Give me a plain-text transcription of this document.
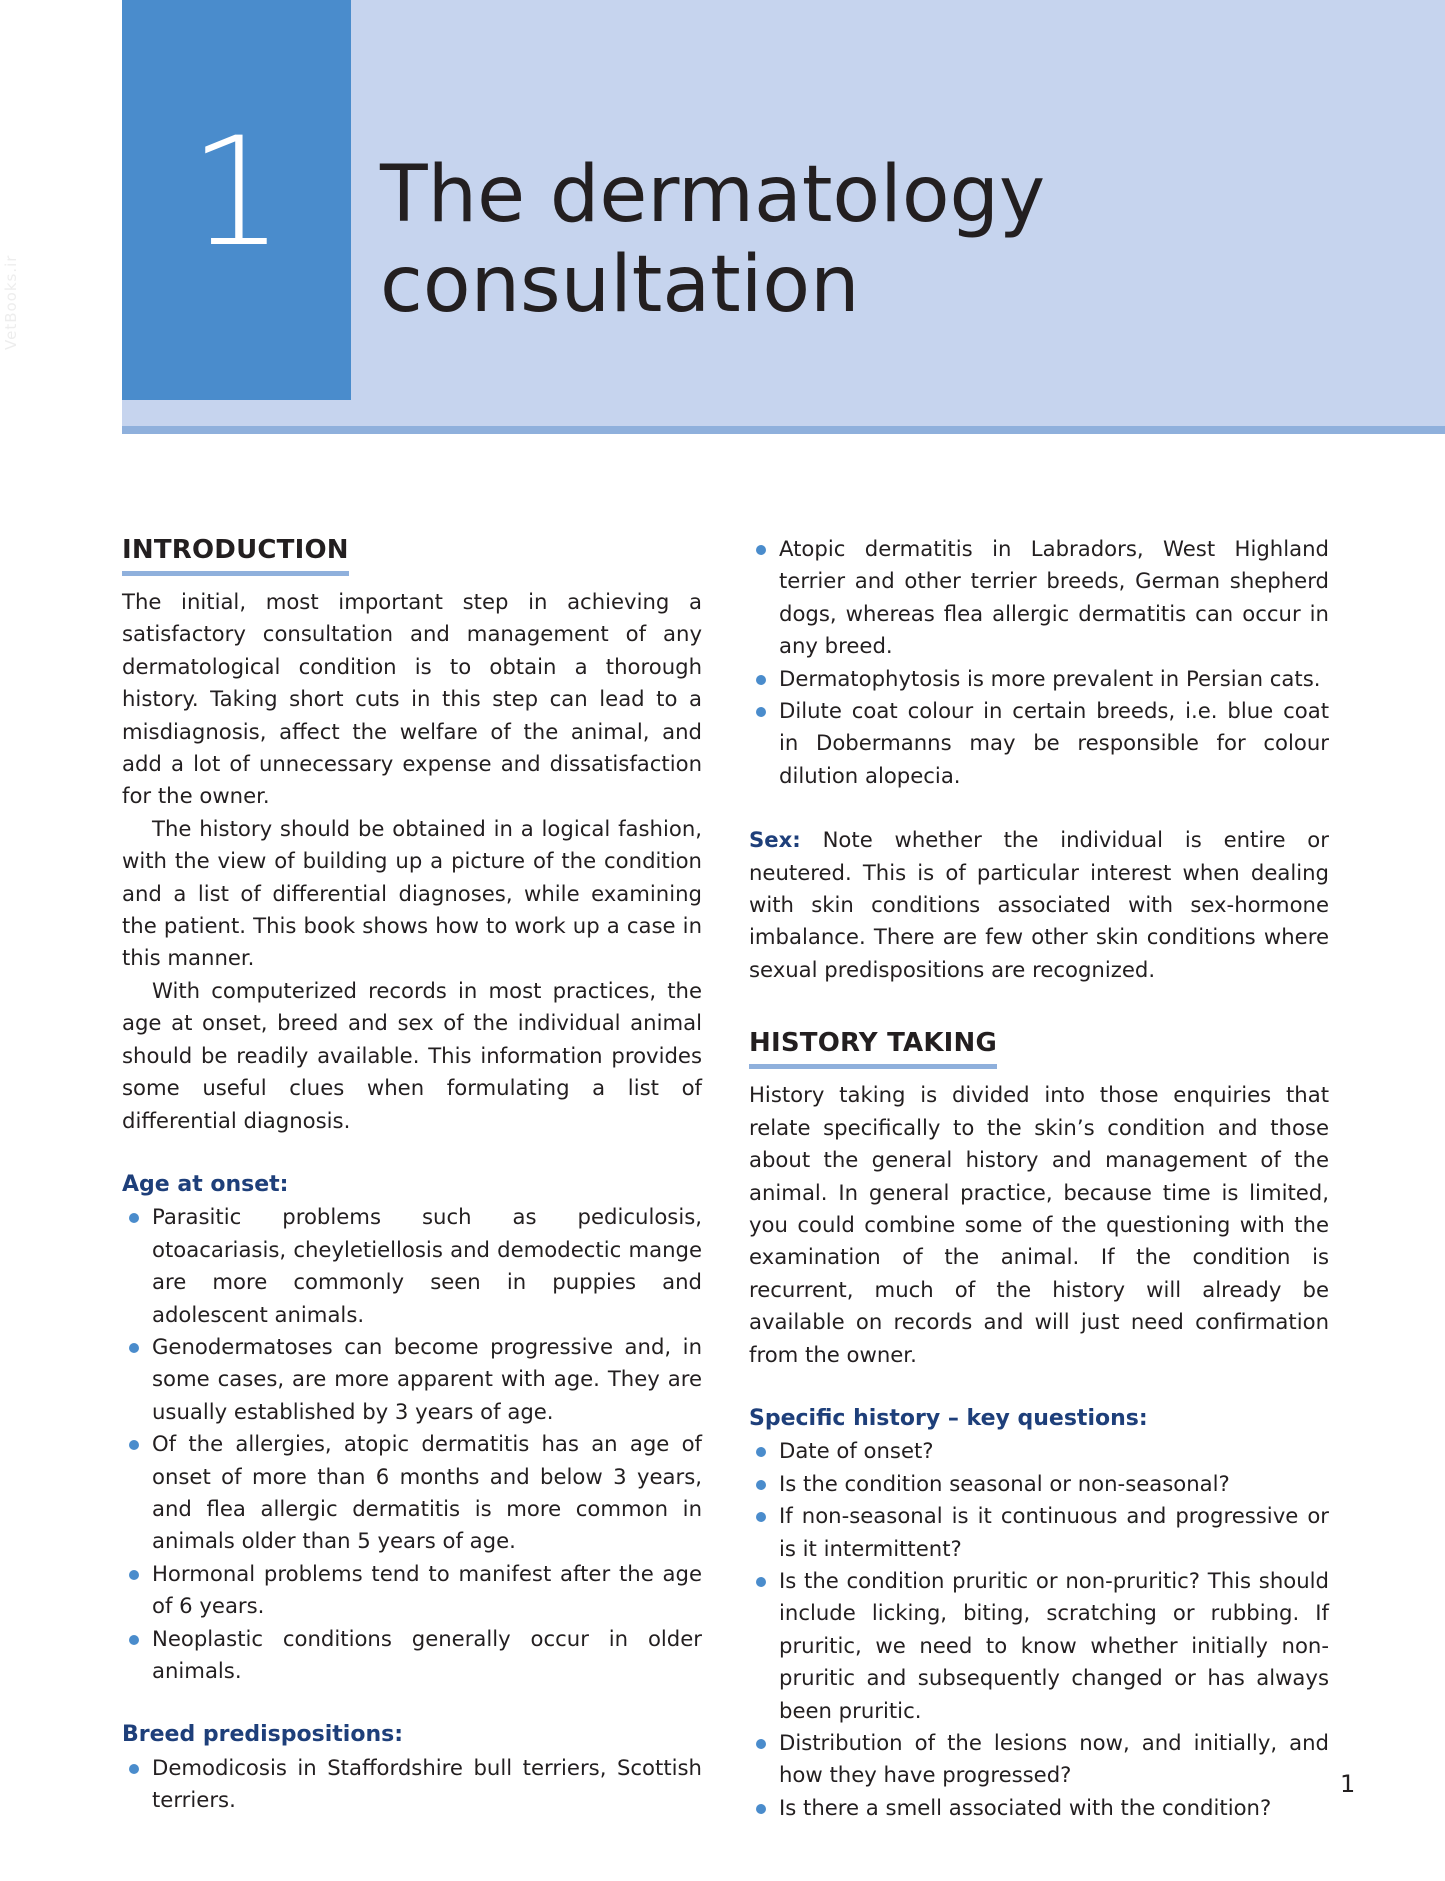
VetBooks.ir
1	The dermatology
consultation
INTRODUCTION

The initial, most important step in achieving a satisfactory consultation and management of any dermatological condition is to obtain a thorough history. Taking short cuts in this step can lead to a misdiagnosis, affect the welfare of the animal, and add a lot of unnecessary expense and dissatisfaction for the owner.

The history should be obtained in a logical fashion, with the view of building up a picture of the condition and a list of differential diagnoses, while examining the patient. This book shows how to work up a case in this manner.

With computerized records in most practices, the age at onset, breed and sex of the individual animal should be readily available. This information provides some useful clues when formulating a list of differential diagnosis.

Age at onset:
Parasitic problems such as pediculosis, otoacariasis, cheyletiellosis and demodectic mange are more commonly seen in puppies and adolescent animals.
Genodermatoses can become progressive and, in some cases, are more apparent with age. They are usually established by 3 years of age.
Of the allergies, atopic dermatitis has an age of onset of more than 6 months and below 3 years, and flea allergic dermatitis is more common in animals older than 5 years of age.
Hormonal problems tend to manifest after the age of 6 years.
Neoplastic conditions generally occur in older animals.
Breed predispositions:
Demodicosis in Staffordshire bull terriers, Scottish terriers.
Atopic dermatitis in Labradors, West Highland terrier and other terrier breeds, German shepherd dogs, whereas flea allergic dermatitis can occur in any breed.
Dermatophytosis is more prevalent in Persian cats.
Dilute coat colour in certain breeds, i.e. blue coat in Dobermanns may be responsible for colour dilution alopecia.

Sex: Note whether the individual is entire or neutered. This is of particular interest when dealing with skin conditions associated with sex-hormone imbalance. There are few other skin conditions where sexual predispositions are recognized.

HISTORY TAKING

History taking is divided into those enquiries that relate specifically to the skin’s condition and those about the general history and management of the animal. In general practice, because time is limited, you could combine some of the questioning with the examination of the animal. If the condition is recurrent, much of the history will already be available on records and will just need confirmation from the owner.

Specific history – key questions:
Date of onset?
Is the condition seasonal or non-seasonal?
If non-seasonal is it continuous and progressive or is it intermittent?
Is the condition pruritic or non-pruritic? This should include licking, biting, scratching or rubbing. If pruritic, we need to know whether initially non-pruritic and subsequently changed or has always been pruritic.
Distribution of the lesions now, and initially, and how they have progressed?
Is there a smell associated with the condition?
1
